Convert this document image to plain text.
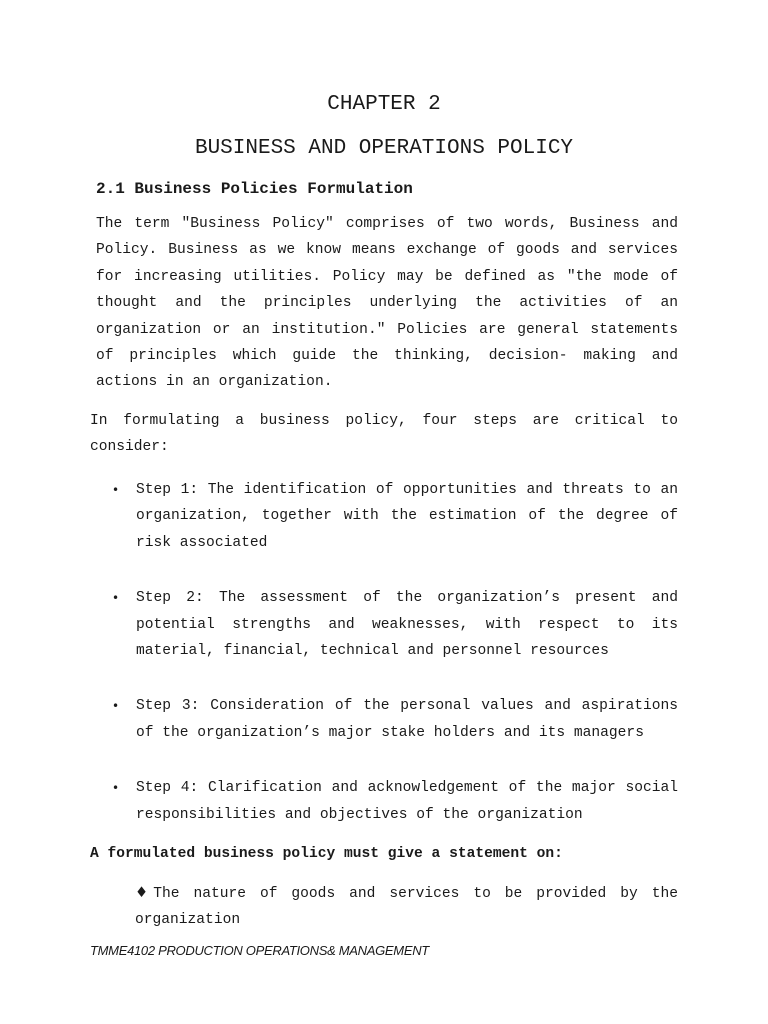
CHAPTER 2
BUSINESS AND OPERATIONS POLICY
2.1 Business Policies Formulation

The term "Business Policy" comprises of two words, Business and Policy. Business as we know means exchange of goods and services for increasing utilities. Policy may be defined as "the mode of thought and the principles underlying the activities of an organization or an institution." Policies are general statements of principles which guide the thinking, decision- making and actions in an organization.

In formulating a business policy, four steps are critical to consider:

• Step 1: The identification of opportunities and threats to an organization, together with the estimation of the degree of risk associated
• Step 2: The assessment of the organization’s present and potential strengths and weaknesses, with respect to its material, financial, technical and personnel resources
• Step 3: Consideration of the personal values and aspirations of the organization’s major stake holders and its managers
• Step 4: Clarification and acknowledgement of the major social responsibilities and objectives of the organization
A formulated business policy must give a statement on:

♦The nature of goods and services to be provided by the organization

TMME4102 PRODUCTION OPERATIONS& MANAGEMENT
